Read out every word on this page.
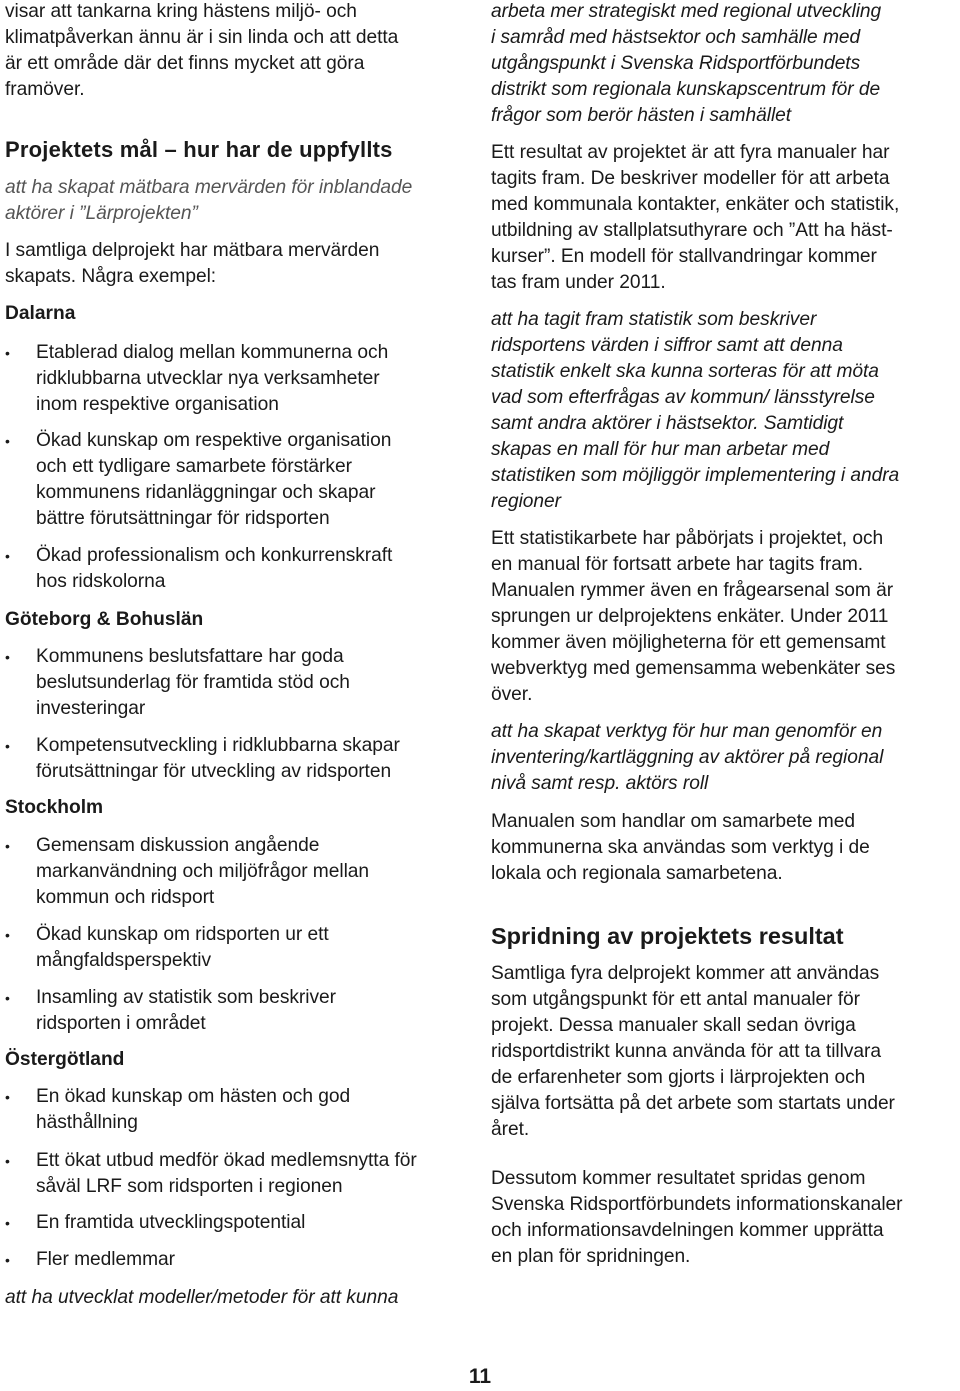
visar att tankarna kring hästens miljö- och
klimatpåverkan ännu är i sin linda och att detta
är ett område där det finns mycket att göra
framöver.
Projektets mål – hur har de uppfyllts
att ha skapat mätbara mervärden för inblandade
aktörer i ”Lärprojekten”
I samtliga delprojekt har mätbara mervärden
skapats. Några exempel:
Dalarna
• Etablerad dialog mellan kommunerna och
ridklubbarna utvecklar nya verksamheter
inom respektive organisation
• Ökad kunskap om respektive organisation
och ett tydligare samarbete förstärker
kommunens ridanläggningar och skapar
bättre förutsättningar för ridsporten
• Ökad professionalism och konkurrenskraft
hos ridskolorna
Göteborg & Bohuslän
• Kommunens beslutsfattare har goda
beslutsunderlag för framtida stöd och
investeringar
• Kompetensutveckling i ridklubbarna skapar
förutsättningar för utveckling av ridsporten
Stockholm
• Gemensam diskussion angående
markanvändning och miljöfrågor mellan
kommun och ridsport
• Ökad kunskap om ridsporten ur ett
mångfaldsperspektiv
• Insamling av statistik som beskriver
ridsporten i området
Östergötland
• En ökad kunskap om hästen och god
hästhållning
• Ett ökat utbud medför ökad medlemsnytta för
såväl LRF som ridsporten i regionen
• En framtida utvecklingspotential
• Fler medlemmar
att ha utvecklat modeller/metoder för att kunna
arbeta mer strategiskt med regional utveckling
i samråd med hästsektor och samhälle med
utgångspunkt i Svenska Ridsportförbundets
distrikt som regionala kunskapscentrum för de
frågor som berör hästen i samhället
Ett resultat av projektet är att fyra manualer har
tagits fram. De beskriver modeller för att arbeta
med kommunala kontakter, enkäter och statistik,
utbildning av stallplatsuthyrare och ”Att ha häst-
kurser”. En modell för stallvandringar kommer
tas fram under 2011.
att ha tagit fram statistik som beskriver
ridsportens värden i siffror samt att denna
statistik enkelt ska kunna sorteras för att möta
vad som efterfrågas av kommun/ länsstyrelse
samt andra aktörer i hästsektor. Samtidigt
skapas en mall för hur man arbetar med
statistiken som möjliggör implementering i andra
regioner
Ett statistikarbete har påbörjats i projektet, och
en manual för fortsatt arbete har tagits fram.
Manualen rymmer även en frågearsenal som är
sprungen ur delprojektens enkäter. Under 2011
kommer även möjligheterna för ett gemensamt
webverktyg med gemensamma webenkäter ses
över.
att ha skapat verktyg för hur man genomför en
inventering/kartläggning av aktörer på regional
nivå samt resp. aktörs roll
Manualen som handlar om samarbete med
kommunerna ska användas som verktyg i de
lokala och regionala samarbetena.
Spridning av projektets resultat
Samtliga fyra delprojekt kommer att användas
som utgångspunkt för ett antal manualer för
projekt. Dessa manualer skall sedan övriga
ridsportdistrikt kunna använda för att ta tillvara
de erfarenheter som gjorts i lärprojekten och
själva fortsätta på det arbete som startats under
året.
Dessutom kommer resultatet spridas genom
Svenska Ridsportförbundets informationskanaler
och informationsavdelningen kommer upprätta
en plan för spridningen.
11
